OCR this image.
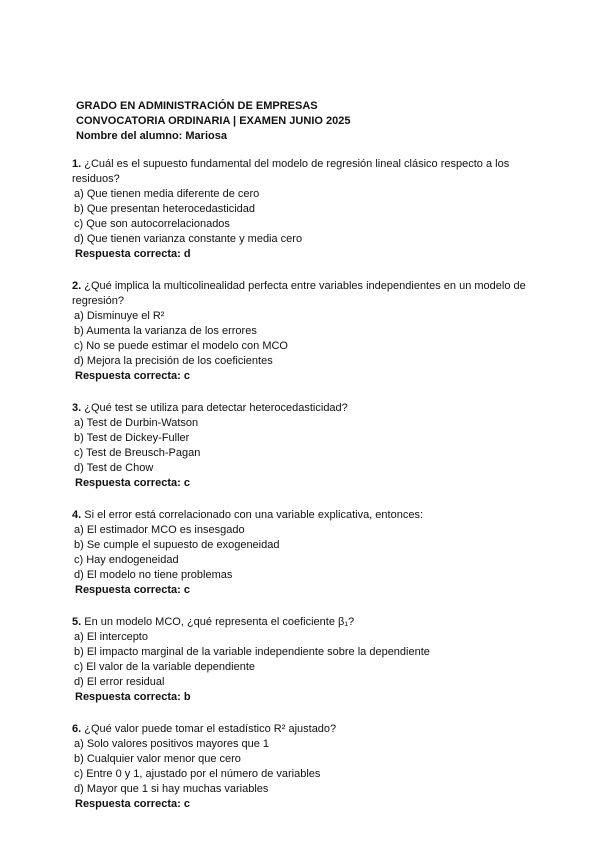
GRADO EN ADMINISTRACIÓN DE EMPRESAS
CONVOCATORIA ORDINARIA | EXAMEN JUNIO 2025
Nombre del alumno: Mariosa
1. ¿Cuál es el supuesto fundamental del modelo de regresión lineal clásico respecto a los residuos?
a) Que tienen media diferente de cero
b) Que presentan heterocedasticidad
c) Que son autocorrelacionados
d) Que tienen varianza constante y media cero
Respuesta correcta: d
2. ¿Qué implica la multicolinealidad perfecta entre variables independientes en un modelo de regresión?
a) Disminuye el R²
b) Aumenta la varianza de los errores
c) No se puede estimar el modelo con MCO
d) Mejora la precisión de los coeficientes
Respuesta correcta: c
3. ¿Qué test se utiliza para detectar heterocedasticidad?
a) Test de Durbin-Watson
b) Test de Dickey-Fuller
c) Test de Breusch-Pagan
d) Test de Chow
Respuesta correcta: c
4. Si el error está correlacionado con una variable explicativa, entonces:
a) El estimador MCO es insesgado
b) Se cumple el supuesto de exogeneidad
c) Hay endogeneidad
d) El modelo no tiene problemas
Respuesta correcta: c
5. En un modelo MCO, ¿qué representa el coeficiente β₁?
a) El intercepto
b) El impacto marginal de la variable independiente sobre la dependiente
c) El valor de la variable dependiente
d) El error residual
Respuesta correcta: b
6. ¿Qué valor puede tomar el estadístico R² ajustado?
a) Solo valores positivos mayores que 1
b) Cualquier valor menor que cero
c) Entre 0 y 1, ajustado por el número de variables
d) Mayor que 1 si hay muchas variables
Respuesta correcta: c
